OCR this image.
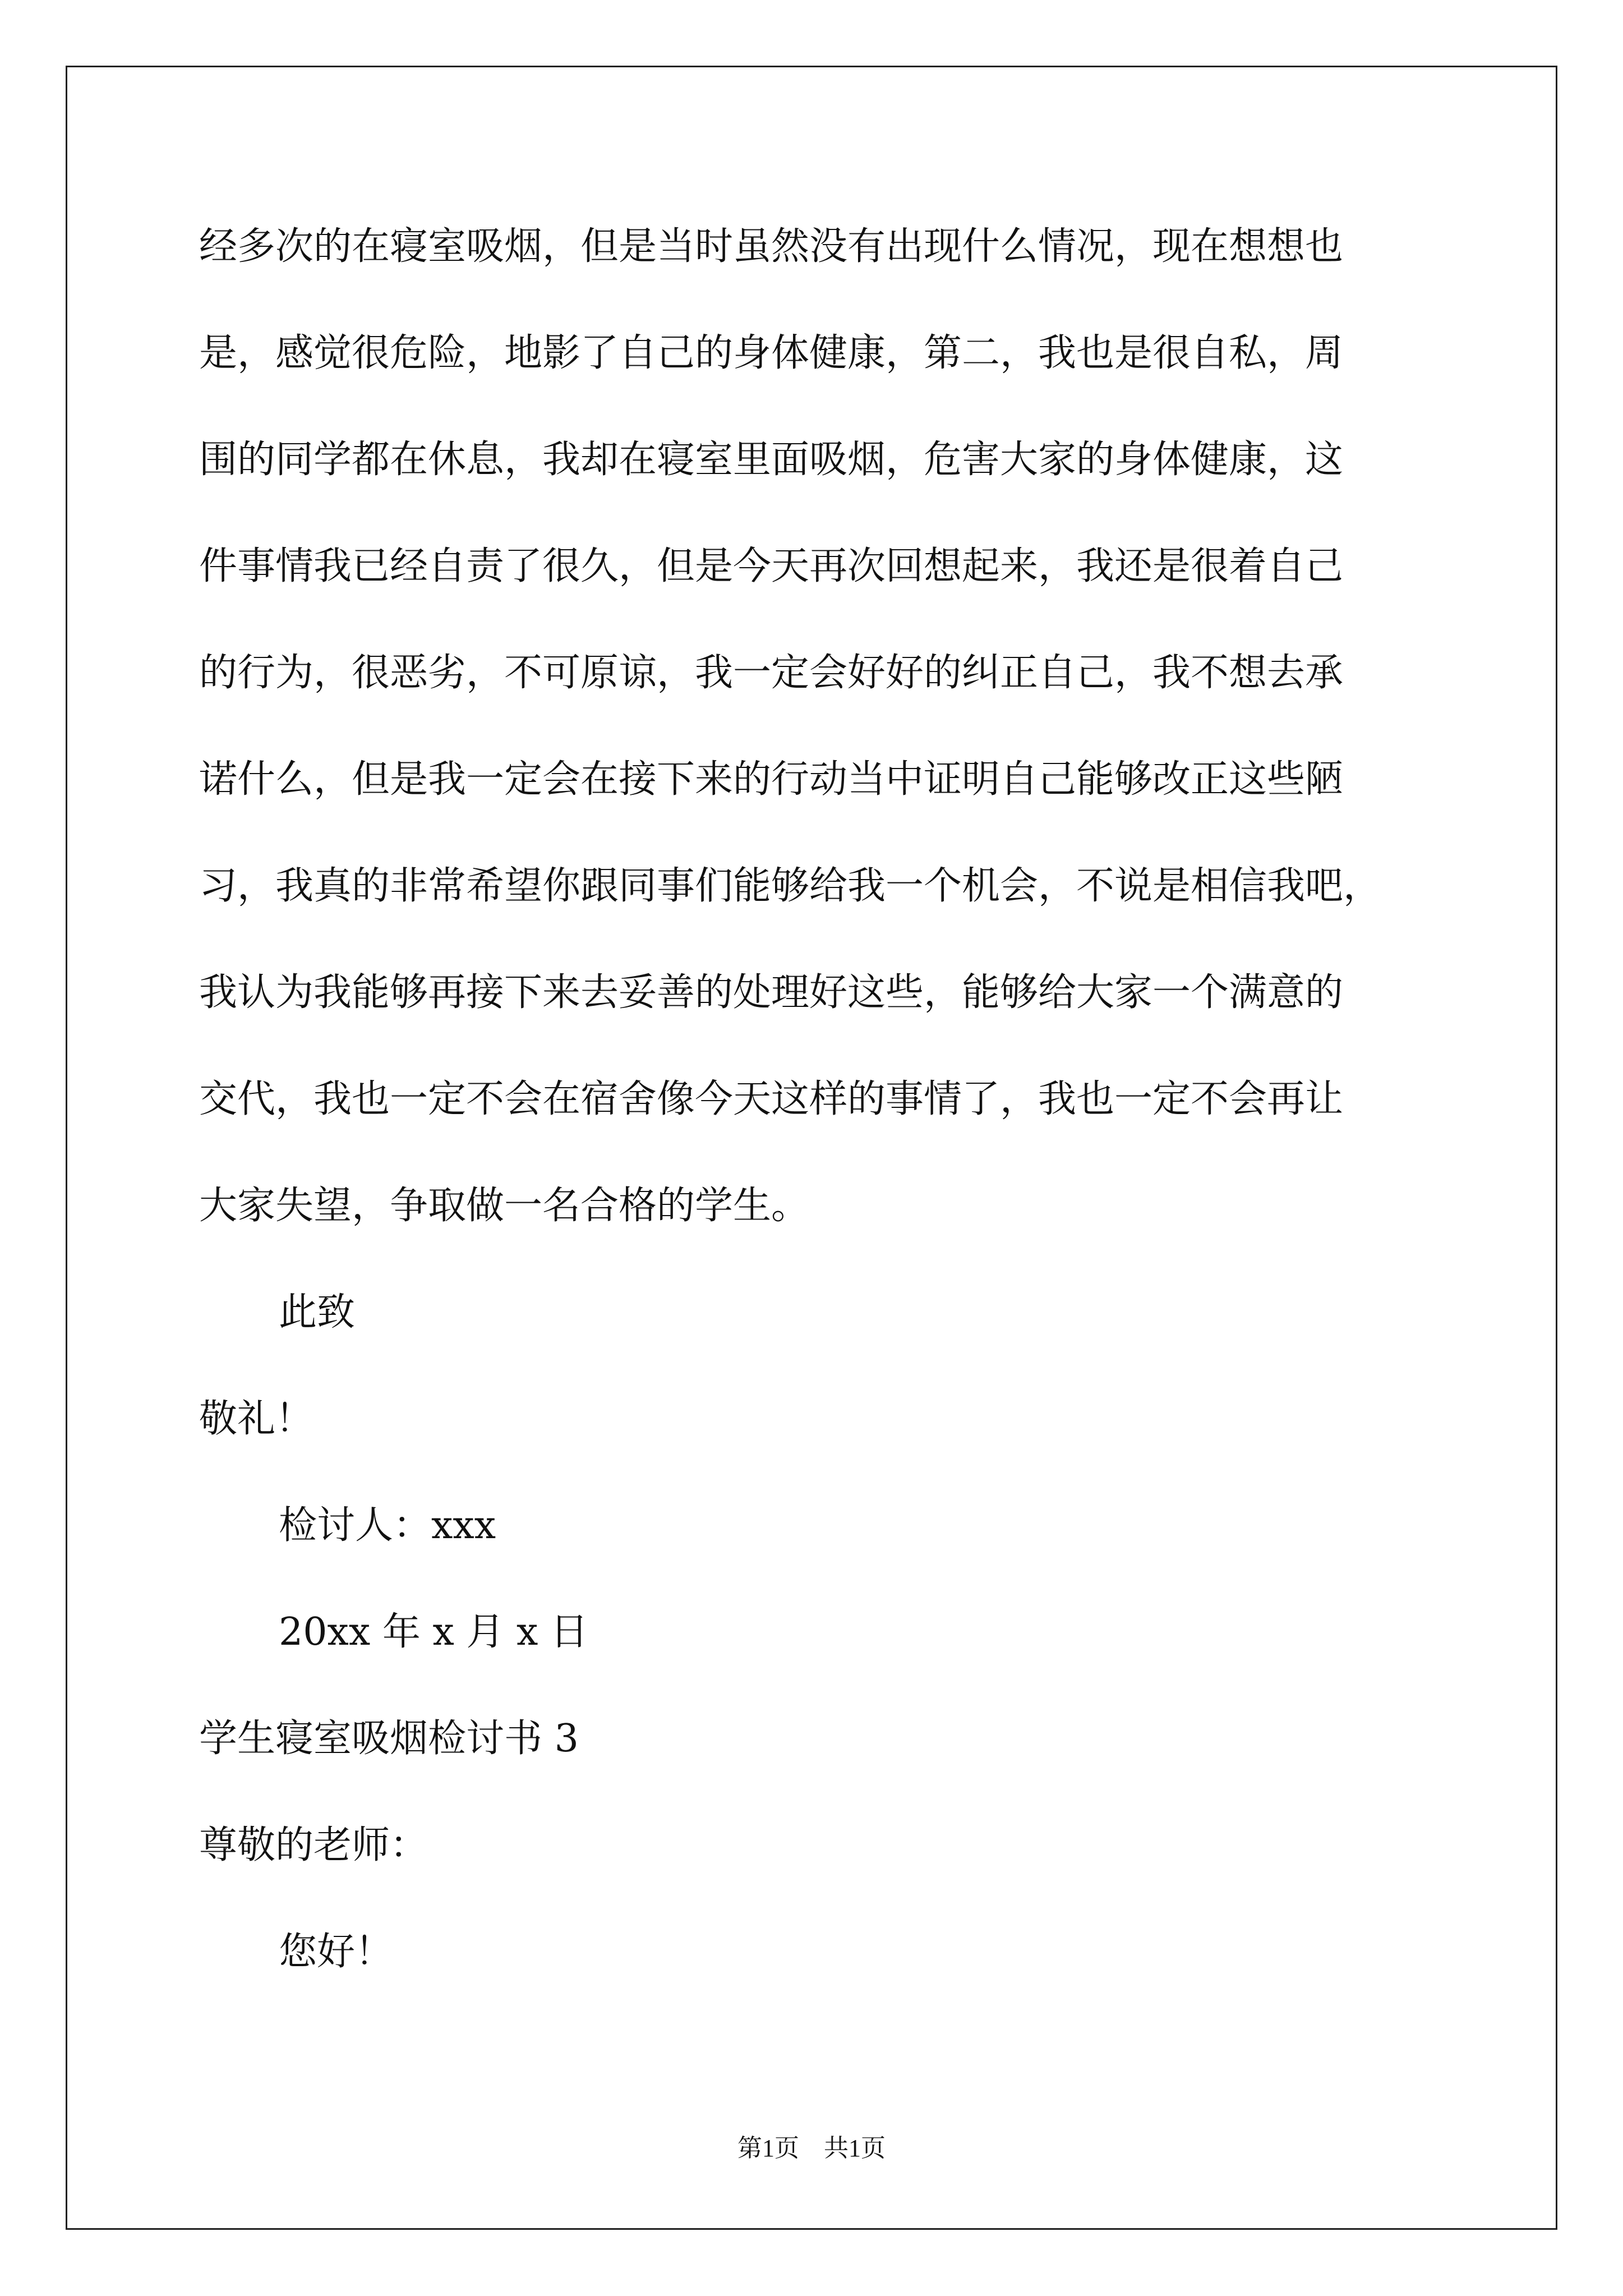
经多次的在寝室吸烟，但是当时虽然没有出现什么情况，现在想想也
是，感觉很危险，地影了自己的身体健康，第二，我也是很自私，周
围的同学都在休息，我却在寝室里面吸烟，危害大家的身体健康，这
件事情我已经自责了很久，但是今天再次回想起来，我还是很着自己
的行为，很恶劣，不可原谅，我一定会好好的纠正自己，我不想去承
诺什么，但是我一定会在接下来的行动当中证明自己能够改正这些陋
习，我真的非常希望你跟同事们能够给我一个机会，不说是相信我吧，
我认为我能够再接下来去妥善的处理好这些，能够给大家一个满意的
交代，我也一定不会在宿舍像今天这样的事情了，我也一定不会再让
大家失望，争取做一名合格的学生。
此致
敬礼！
检讨人：xxx
20xx 年 x 月 x 日
学生寝室吸烟检讨书 3
尊敬的老师：
您好！
第1页　共1页
